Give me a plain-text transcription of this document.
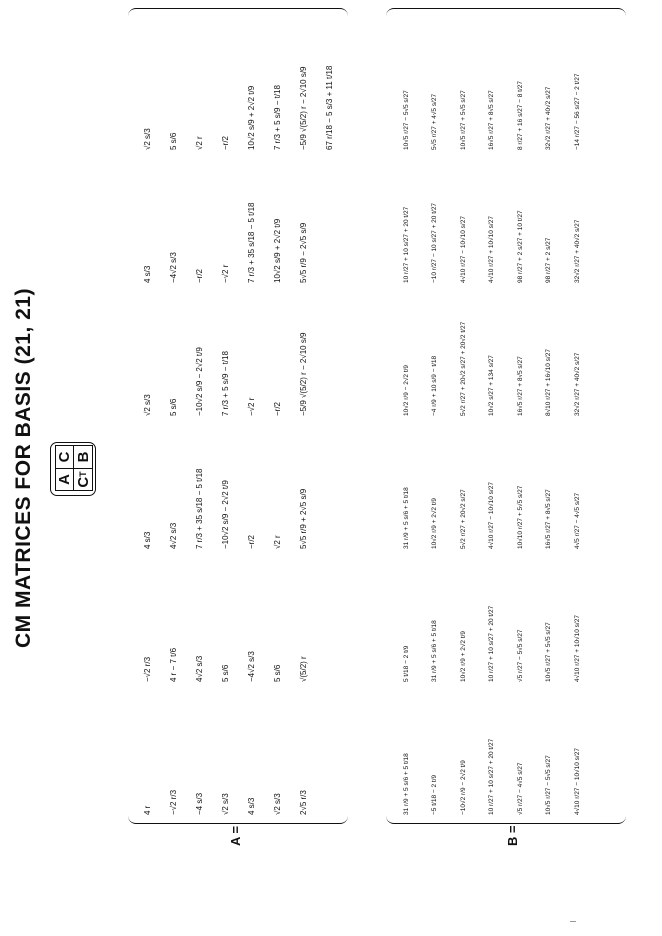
CM MATRICES FOR BASIS (21, 21) A
C
C
T
B
A =
4 r
−√2 r/3
4 s/3
√2 s/3
4 s/3
√2 s/3
−√2 r/3
4 r − 7 t/6
4√2 s/3
5 s/6
−4√2 s/3
5 s/6
−4 s/3
4√2 s/3
7 r/3 + 35 s/18 − 5 t/18
−10√2 s/9 − 2√2 t/9
−r/2
√2 r
√2 s/3
5 s/6
−10√2 s/9 − 2√2 t/9
7 r/3 + 5 s/9 − t/18
−√2 r
−r/2
4 s/3
−4√2 s/3
−r/2
−√2 r
7 r/3 + 35 s/18 − 5 t/18
10√2 s/9 + 2√2 t/9
√2 s/3
5 s/6
√2 r
−r/2
10√2 s/9 + 2√2 t/9
7 r/3 + 5 s/9 − t/18
2√5 r/3
√(5/2) r
5√5 r/9 + 2√5 s/9
−5/9 √(5/2) r − 2√10 s/9
5√5 r/9 − 2√5 s/9
−5/9 √(5/2) r − 2√10 s/9	67 r/18 − 5 s/3 + 11 t/18
B =
31 r/9 + 5 s/6 + 5 t/18
5 t/18 − 2 t/9
31 r/9 + 5 s/6 + 5 t/18
10√2 r/9 − 2√2 t/9
10 r/27 + 10 s/27 + 20 t/27
10√5 r/27 − 5√5 s/27
−5 t/18 − 2 t/9
31 r/9 + 5 s/6 + 5 t/18
10√2 r/9 + 2√2 t/9
−4 r/9 + 10 s/9 − t/18
−10 r/27 − 10 s/27 + 20 t/27
5√5 r/27 + 4√5 s/27
−10√2 r/9 − 2√2 t/9
10√2 r/9 + 2√2 t/9
5√2 r/27 + 20√2 s/27
5√2 r/27 + 20√2 s/27 + 20√2 t/27
4√10 r/27 − 10√10 s/27
10√5 r/27 + 5√5 s/27
10 r/27 + 10 s/27 + 20 t/27
10 r/27 + 10 s/27 + 20 t/27
4√10 r/27 − 10√10 s/27
10√2 s/27 + 134 s/27
4√10 r/27 + 10√10 s/27
16√5 r/27 + 8√5 s/27
√5 r/27 − 4√5 s/27
√5 r/27 − 5√5 s/27
10√10 r/27 + 5√5 s/27
16√5 r/27 + 8√5 s/27
98 r/27 + 2 s/27 + 10 t/27
8 r/27 + 16 s/27 − 8 t/27
10√5 r/27 − 5√5 s/27
10√5 r/27 + 5√5 s/27
16√5 r/27 + 8√5 s/27
8√10 r/27 + 16√10 s/27
98 r/27 + 2 s/27
32√2 r/27 + 40√2 s/27
4√10 r/27 − 10√10 s/27
4√10 r/27 + 10√10 s/27
4√5 r/27 − 4√5 s/27
32√2 r/27 + 40√2 s/27
32√2 r/27 + 40√2 s/27
−14 r/27 − 56 s/27 − 2 t/27
